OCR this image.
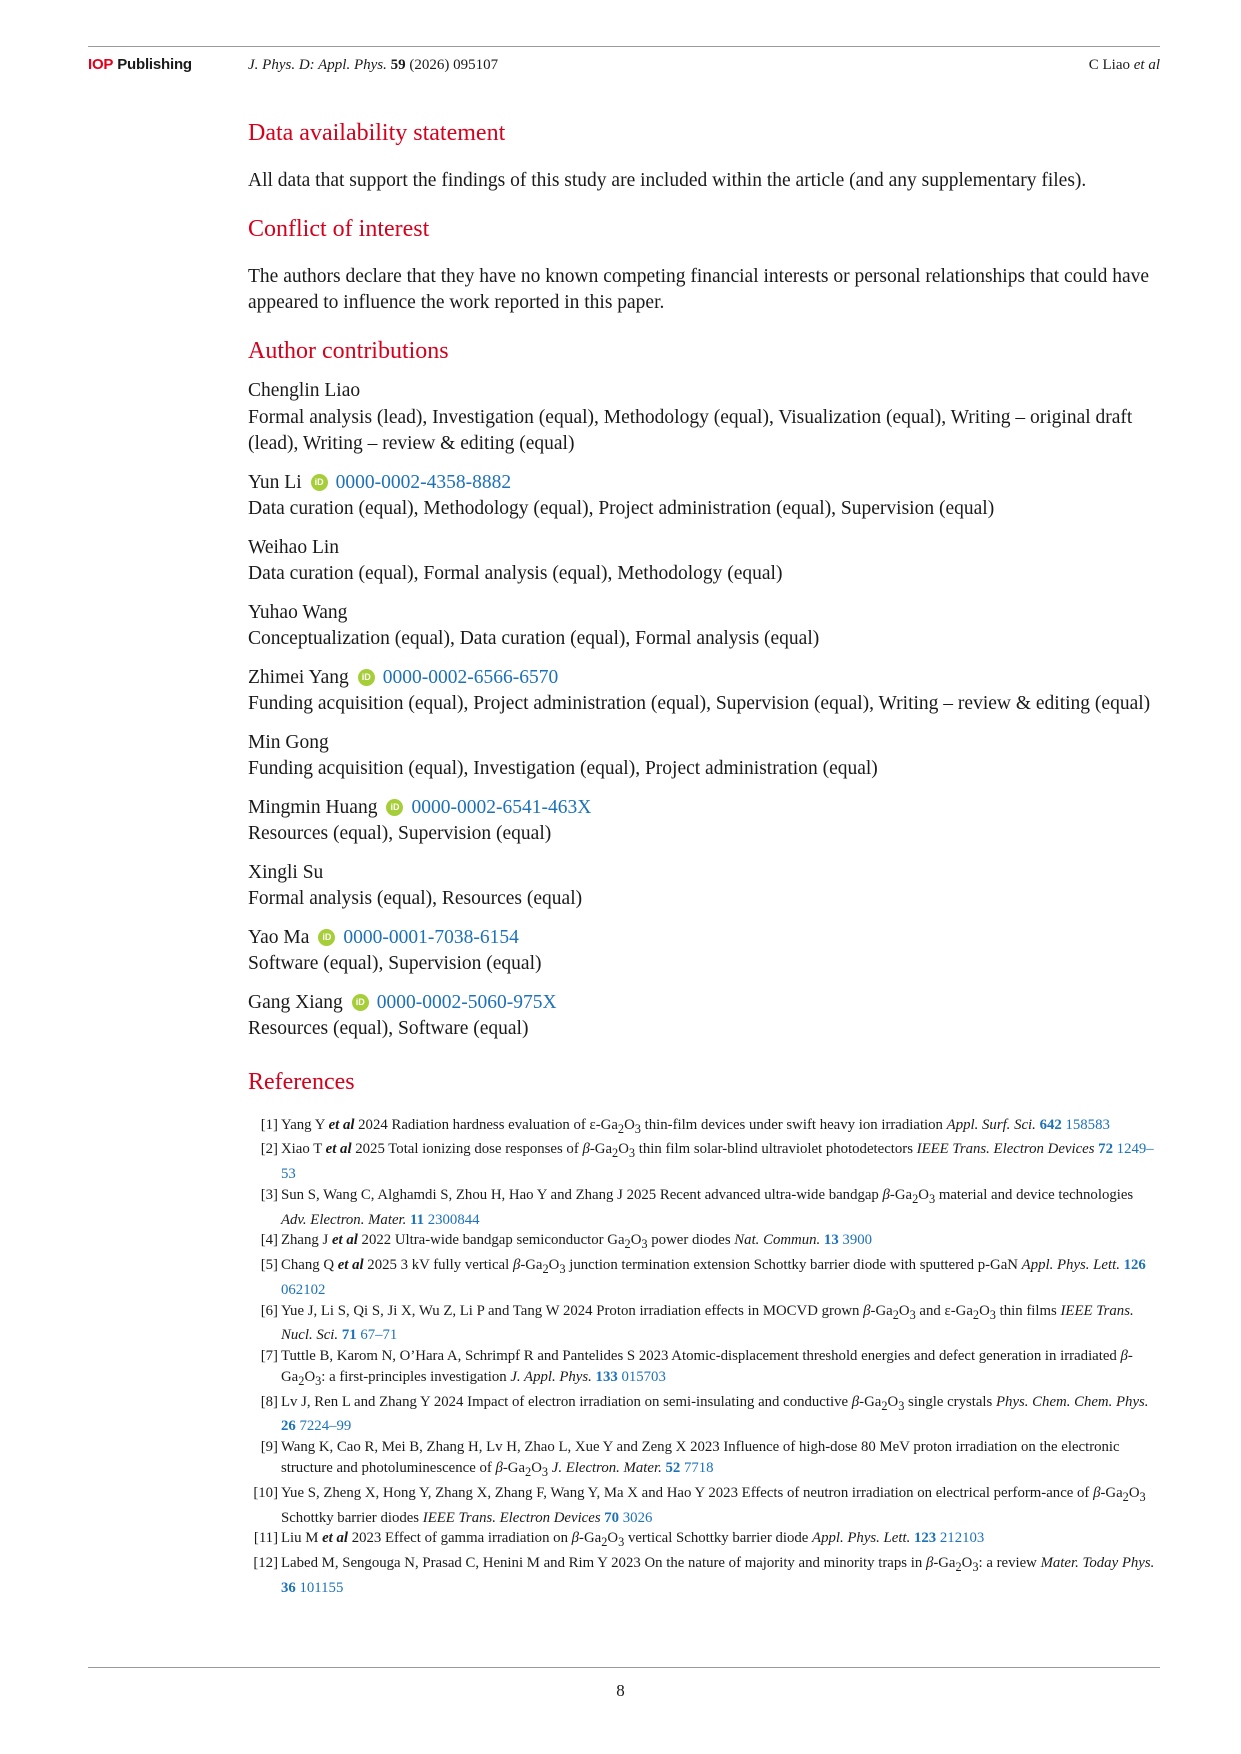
IOP Publishing	J. Phys. D: Appl. Phys. 59 (2026) 095107	C Liao et al
Data availability statement

All data that support the findings of this study are included within the article (and any supplementary files).

Conflict of interest

The authors declare that they have no known competing financial interests or personal relationships that could have appeared to influence the work reported in this paper.

Author contributions
Chenglin Liao
Formal analysis (lead), Investigation (equal), Methodology (equal), Visualization (equal), Writing – original draft (lead), Writing – review & editing (equal)
Yun Li	iD 0000-0002-4358-8882
Data curation (equal), Methodology (equal), Project administration (equal), Supervision (equal)
Weihao Lin
Data curation (equal), Formal analysis (equal), Methodology (equal)
Yuhao Wang
Conceptualization (equal), Data curation (equal), Formal analysis (equal)
Zhimei Yang	iD 0000-0002-6566-6570
Funding acquisition (equal), Project administration (equal), Supervision (equal), Writing – review & editing (equal)
Min Gong
Funding acquisition (equal), Investigation (equal), Project administration (equal)
Mingmin Huang	iD 0000-0002-6541-463X
Resources (equal), Supervision (equal)
Xingli Su
Formal analysis (equal), Resources (equal)
Yao Ma	iD 0000-0001-7038-6154
Software (equal), Supervision (equal)
Gang Xiang	iD 0000-0002-5060-975X
Resources (equal), Software (equal)
References
[1] Yang Y et al 2024 Radiation hardness evaluation of $\varepsilon-Ga_2O_3$ thin-film devices under swift heavy ion irradiation Appl. Surf. Sci. 642 158583
[2] Xiao T et al 2025 Total ionizing dose responses of $\beta-Ga_2O_3$ thin film solar-blind ultraviolet photodetectors IEEE Trans. Electron Devices 72 1249–53
[3] Sun S, Wang C, Alghamdi S, Zhou H, Hao Y and Zhang J 2025 Recent advanced ultra-wide bandgap $\beta-Ga_2O_3$ material and device technologies Adv. Electron. Mater. 11 2300844
[4] Zhang J et al 2022 Ultra-wide bandgap semiconductor $Ga_2O_3$ power diodes Nat. Commun. 13 3900
[5] Chang Q et al 2025 3 kV fully vertical $\beta-Ga_2O_3$ junction termination extension Schottky barrier diode with sputtered p-GaN Appl. Phys. Lett. 126 062102
[6] Yue J, Li S, Qi S, Ji X, Wu Z, Li P and Tang W 2024 Proton irradiation effects in MOCVD grown $\beta-Ga_2O_3$ and $\varepsilon-Ga_2O_3$ thin films IEEE Trans. Nucl. Sci. 71 67–71
[7] Tuttle B, Karom N, O’Hara A, Schrimpf R and Pantelides S 2023 Atomic-displacement threshold energies and defect generation in irradiated $\beta-Ga_2O_3$: a first-principles investigation J. Appl. Phys. 133 015703
[8] Lv J, Ren L and Zhang Y 2024 Impact of electron irradiation on semi-insulating and conductive $\beta-Ga_2O_3$ single crystals Phys. Chem. Chem. Phys. 26 7224–99
[9] Wang K, Cao R, Mei B, Zhang H, Lv H, Zhao L, Xue Y and Zeng X 2023 Influence of high-dose 80 MeV proton irradiation on the electronic structure and photoluminescence of $\beta-Ga_2O_3$ J. Electron. Mater. 52 7718
[10] Yue S, Zheng X, Hong Y, Zhang X, Zhang F, Wang Y, Ma X and Hao Y 2023 Effects of neutron irradiation on electrical perform-ance of $\beta-Ga_2O_3$ Schottky barrier diodes IEEE Trans. Electron Devices 70 3026
[11] Liu M et al 2023 Effect of gamma irradiation on $\beta-Ga_2O_3$ vertical Schottky barrier diode Appl. Phys. Lett. 123 212103
[12] Labed M, Sengouga N, Prasad C, Henini M and Rim Y 2023 On the nature of majority and minority traps in $\beta-Ga_2O_3$: a review Mater. Today Phys. 36 101155
8
